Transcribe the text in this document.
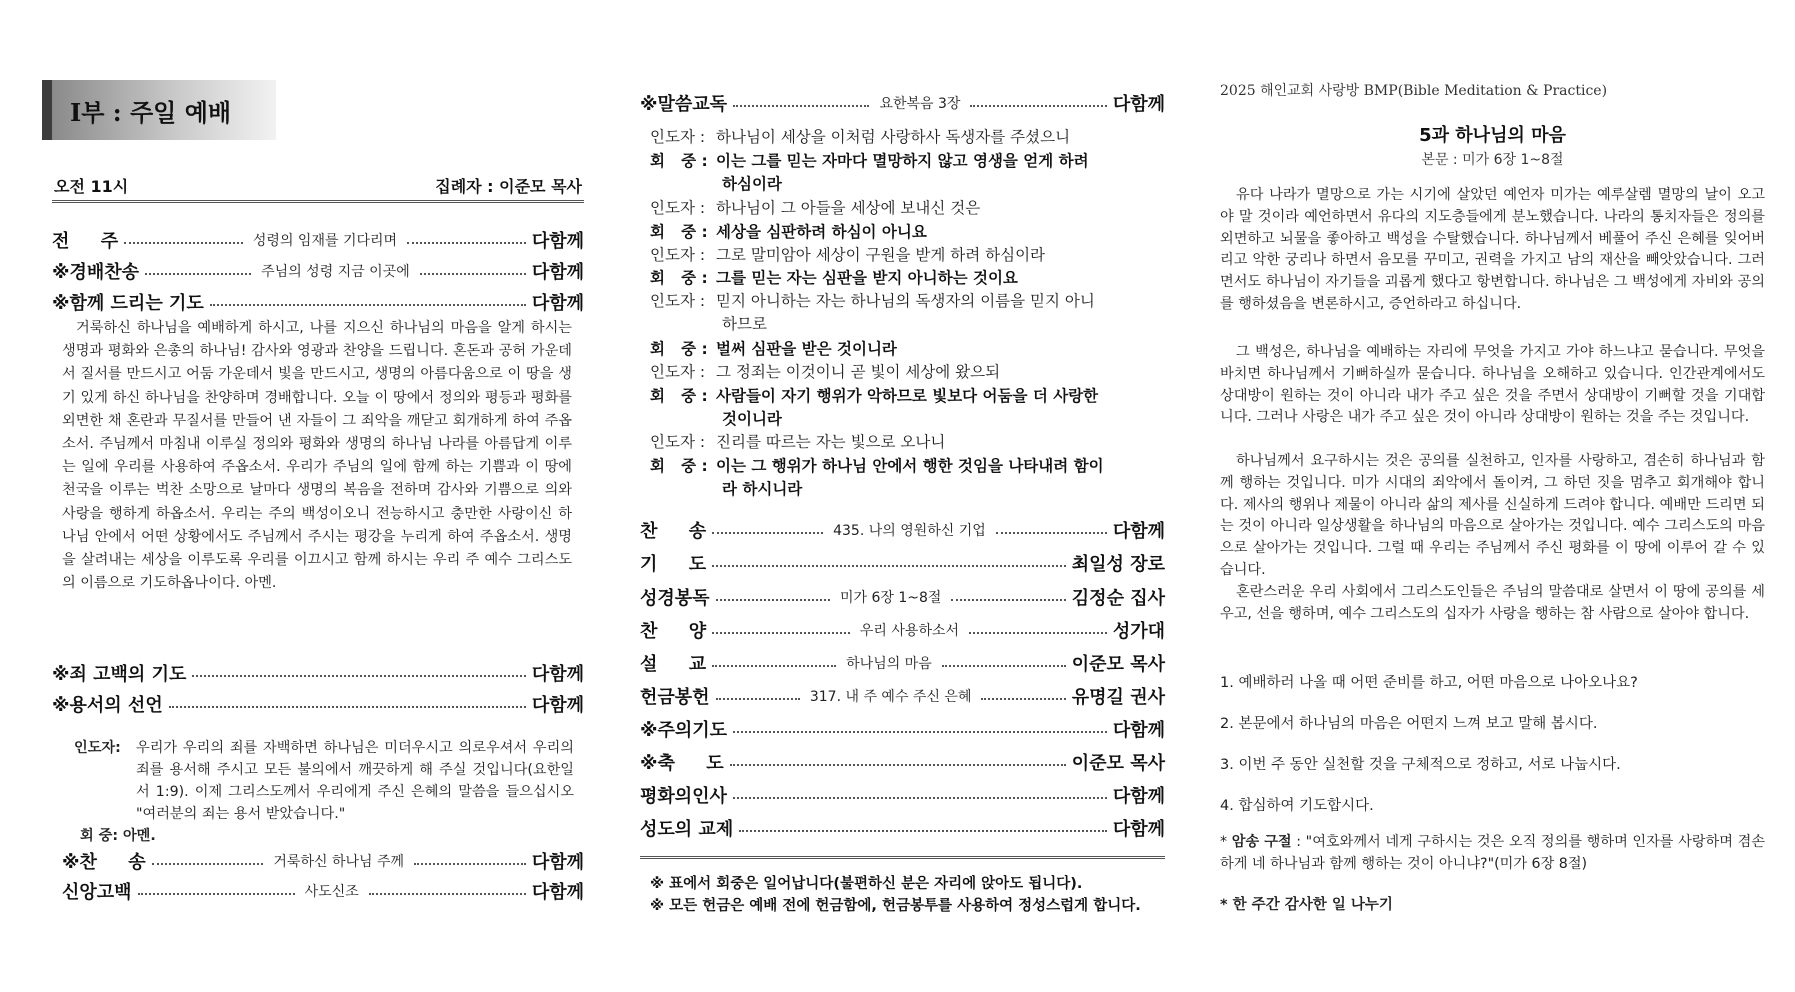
I부 : 주일 예배
오전 11시	집례자 : 이준모 목사
전     주	성령의 임재를 기다리며	다함께
※경배찬송	주님의 성령 지금 이곳에	다함께
※함께 드리는 기도	다함께
거룩하신 하나님을 예배하게 하시고, 나를 지으신 하나님의 마음을 알게 하시는 생명과 평화와 은총의 하나님! 감사와 영광과 찬양을 드립니다. 혼돈과 공허 가운데서 질서를 만드시고 어둠 가운데서 빛을 만드시고, 생명의 아름다움으로 이 땅을 생기 있게 하신 하나님을 찬양하며 경배합니다. 오늘 이 땅에서 정의와 평등과 평화를 외면한 채 혼란과 무질서를 만들어 낸 자들이 그 죄악을 깨닫고 회개하게 하여 주옵소서. 주님께서 마침내 이루실 정의와 평화와 생명의 하나님 나라를 아름답게 이루는 일에 우리를 사용하여 주옵소서. 우리가 주님의 일에 함께 하는 기쁨과 이 땅에 천국을 이루는 벅찬 소망으로 날마다 생명의 복음을 전하며 감사와 기쁨으로 의와 사랑을 행하게 하옵소서. 우리는 주의 백성이오니 전능하시고 충만한 사랑이신 하나님 안에서 어떤 상황에서도 주님께서 주시는 평강을 누리게 하여 주옵소서. 생명을 살려내는 세상을 이루도록 우리를 이끄시고 함께 하시는 우리 주 예수 그리스도의 이름으로 기도하옵나이다. 아멘.
※죄 고백의 기도	다함께
※용서의 선언	다함께
인도자:	우리가 우리의 죄를 자백하면 하나님은 미더우시고 의로우셔서 우리의 죄를 용서해 주시고 모든 불의에서 깨끗하게 해 주실 것입니다(요한일서 1:9). 이제 그리스도께서 우리에게 주신 은혜의 말씀을 들으십시오 "여러분의 죄는 용서 받았습니다."
회 중: 아멘.
※찬     송	거룩하신 하나님 주께	다함께
신앙고백	사도신조	다함께
※말씀교독	요한복음 3장	다함께
인도자 : 하나님이 세상을 이처럼 사랑하사 독생자를 주셨으니
회   중 : 이는 그를 믿는 자마다 멸망하지 않고 영생을 얻게 하려
하심이라
인도자 : 하나님이 그 아들을 세상에 보내신 것은
회   중 : 세상을 심판하려 하심이 아니요
인도자 : 그로 말미암아 세상이 구원을 받게 하려 하심이라
회   중 : 그를 믿는 자는 심판을 받지 아니하는 것이요
인도자 : 믿지 아니하는 자는 하나님의 독생자의 이름을 믿지 아니
하므로
회   중 : 벌써 심판을 받은 것이니라
인도자 : 그 정죄는 이것이니 곧 빛이 세상에 왔으되
회   중 : 사람들이 자기 행위가 악하므로 빛보다 어둠을 더 사랑한
것이니라
인도자 : 진리를 따르는 자는 빛으로 오나니
회   중 : 이는 그 행위가 하나님 안에서 행한 것임을 나타내려 함이
라 하시니라
찬     송	435. 나의 영원하신 기업	다함께
기     도	최일성 장로
성경봉독	미가 6장 1~8절	김정순 집사
찬     양	우리 사용하소서	성가대
설     교	하나님의 마음	이준모 목사
헌금봉헌	317. 내 주 예수 주신 은혜	유명길 권사
※주의기도	다함께
※축     도	이준모 목사
평화의인사	다함께
성도의 교제	다함께
※ 표에서 회중은 일어납니다(불편하신 분은 자리에 앉아도 됩니다).
※ 모든 헌금은 예배 전에 헌금함에, 헌금봉투를 사용하여 정성스럽게 합니다.
2025 해인교회 사랑방 BMP(Bible Meditation & Practice)
5과 하나님의 마음
본문 : 미가 6장 1~8절
유다 나라가 멸망으로 가는 시기에 살았던 예언자 미가는 예루살렘 멸망의 날이 오고야 말 것이라 예언하면서 유다의 지도층들에게 분노했습니다. 나라의 통치자들은 정의를 외면하고 뇌물을 좋아하고 백성을 수탈했습니다. 하나님께서 베풀어 주신 은혜를 잊어버리고 악한 궁리나 하면서 음모를 꾸미고, 권력을 가지고 남의 재산을 빼앗았습니다. 그러면서도 하나님이 자기들을 괴롭게 했다고 항변합니다. 하나님은 그 백성에게 자비와 공의를 행하셨음을 변론하시고, 증언하라고 하십니다.
그 백성은, 하나님을 예배하는 자리에 무엇을 가지고 가야 하느냐고 묻습니다. 무엇을 바치면 하나님께서 기뻐하실까 묻습니다. 하나님을 오해하고 있습니다. 인간관계에서도 상대방이 원하는 것이 아니라 내가 주고 싶은 것을 주면서 상대방이 기뻐할 것을 기대합니다. 그러나 사랑은 내가 주고 싶은 것이 아니라 상대방이 원하는 것을 주는 것입니다.
하나님께서 요구하시는 것은 공의를 실천하고, 인자를 사랑하고, 겸손히 하나님과 함께 행하는 것입니다. 미가 시대의 죄악에서 돌이켜, 그 하던 짓을 멈추고 회개해야 합니다. 제사의 행위나 제물이 아니라 삶의 제사를 신실하게 드려야 합니다. 예배만 드리면 되는 것이 아니라 일상생활을 하나님의 마음으로 살아가는 것입니다. 예수 그리스도의 마음으로 살아가는 것입니다. 그럴 때 우리는 주님께서 주신 평화를 이 땅에 이루어 갈 수 있습니다.
혼란스러운 우리 사회에서 그리스도인들은 주님의 말씀대로 살면서 이 땅에 공의를 세우고, 선을 행하며, 예수 그리스도의 십자가 사랑을 행하는 참 사람으로 살아야 합니다.
1. 예배하러 나올 때 어떤 준비를 하고, 어떤 마음으로 나아오나요?
2. 본문에서 하나님의 마음은 어떤지 느껴 보고 말해 봅시다.
3. 이번 주 동안 실천할 것을 구체적으로 정하고, 서로 나눕시다.
4. 합심하여 기도합시다.
* 암송 구절 : "여호와께서 네게 구하시는 것은 오직 정의를 행하며 인자를 사랑하며 겸손하게 네 하나님과 함께 행하는 것이 아니냐?"(미가 6장 8절)
* 한 주간 감사한 일 나누기
